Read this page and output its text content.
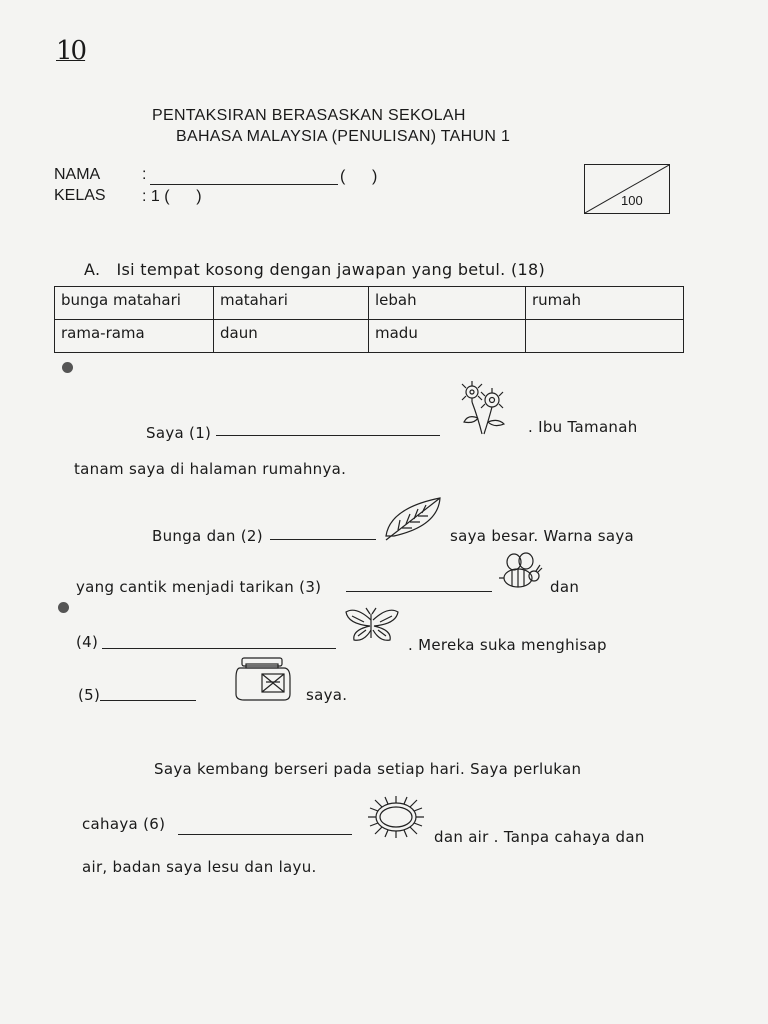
10
PENTAKSIRAN BERASASKAN SEKOLAH
BAHASA MALAYSIA (PENULISAN) TAHUN 1
NAMA	:	(      )
KELAS : 1 (      )	100
A.   Isi tempat kosong dengan jawapan yang betul. (18)
bunga matahari	matahari	lebah	rumah
rama-rama	daun	madu	
Saya (1)	. Ibu Tamanah
tanam saya di halaman rumahnya.
Bunga dan (2)	saya besar. Warna saya
yang cantik menjadi tarikan (3)	dan
(4)	. Mereka suka menghisap
(5)	saya.
Saya kembang berseri pada setiap hari. Saya perlukan
cahaya (6)
dan air . Tanpa cahaya dan
air, badan saya lesu dan layu.
